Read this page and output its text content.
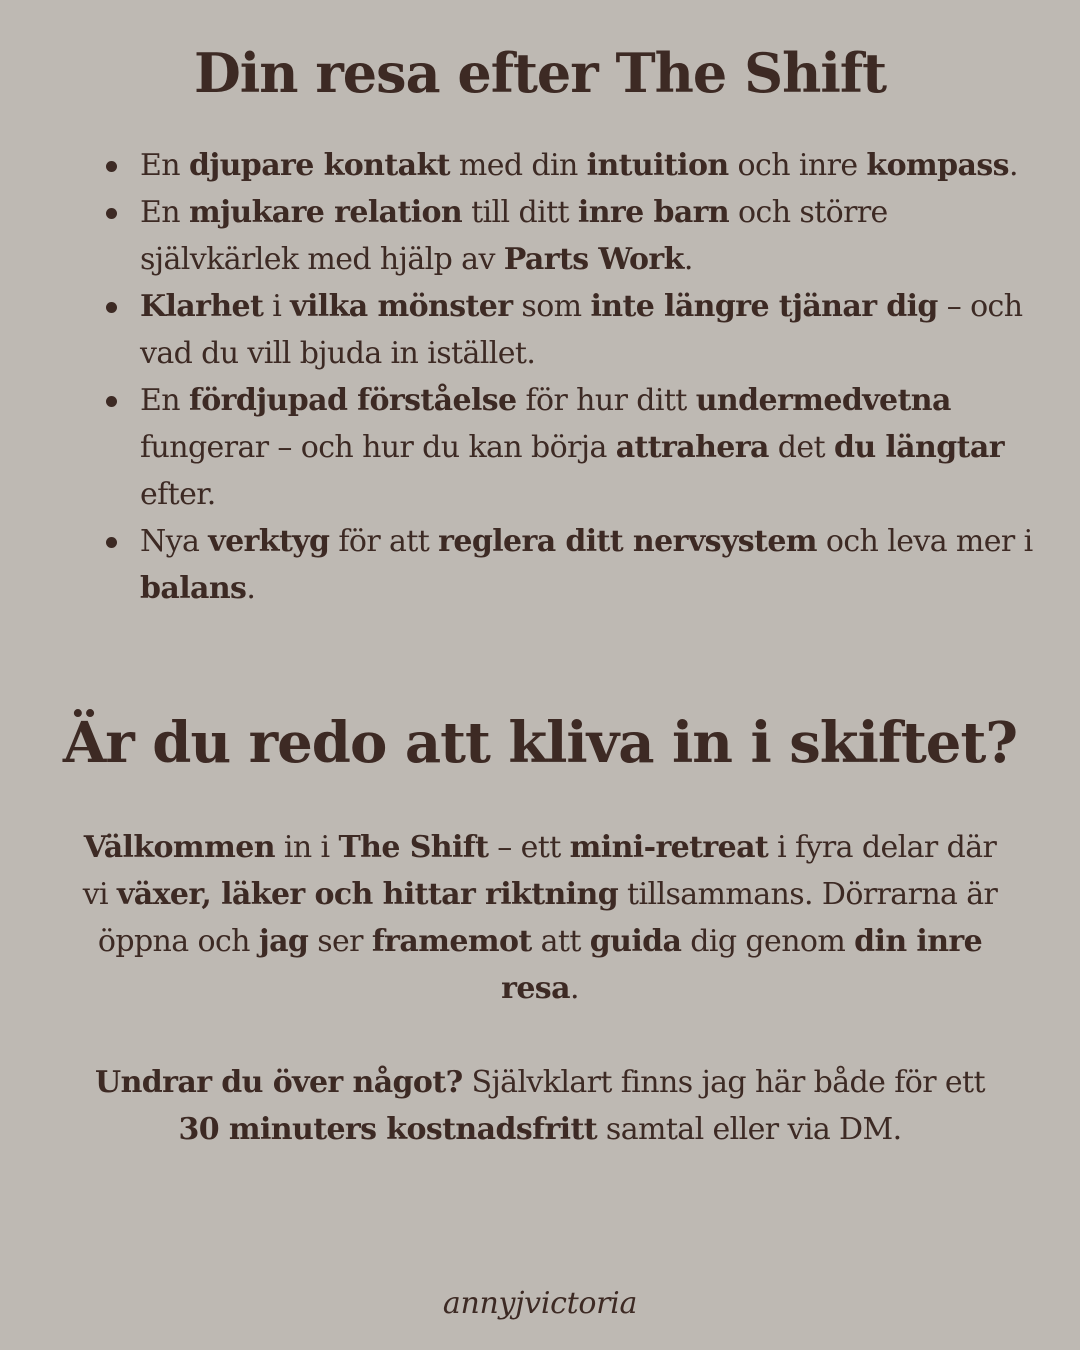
Din resa efter The Shift
En djupare kontakt med din intuition och inre kompass.
En mjukare relation till ditt inre barn och större självkärlek med hjälp av Parts Work.
Klarhet i vilka mönster som inte längre tjänar dig – och vad du vill bjuda in istället.
En fördjupad förståelse för hur ditt undermedvetna fungerar – och hur du kan börja attrahera det du längtar efter.
Nya verktyg för att reglera ditt nervsystem och leva mer i balans.
Är du redo att kliva in i skiftet?

Välkommen in i The Shift – ett mini-retreat i fyra delar där vi växer, läker och hittar riktning tillsammans. Dörrarna är öppna och jag ser framemot att guida dig genom din inre resa.

Undrar du över något? Självklart finns jag här både för ett 30 minuters kostnadsfritt samtal eller via DM.

annyjvictoria
